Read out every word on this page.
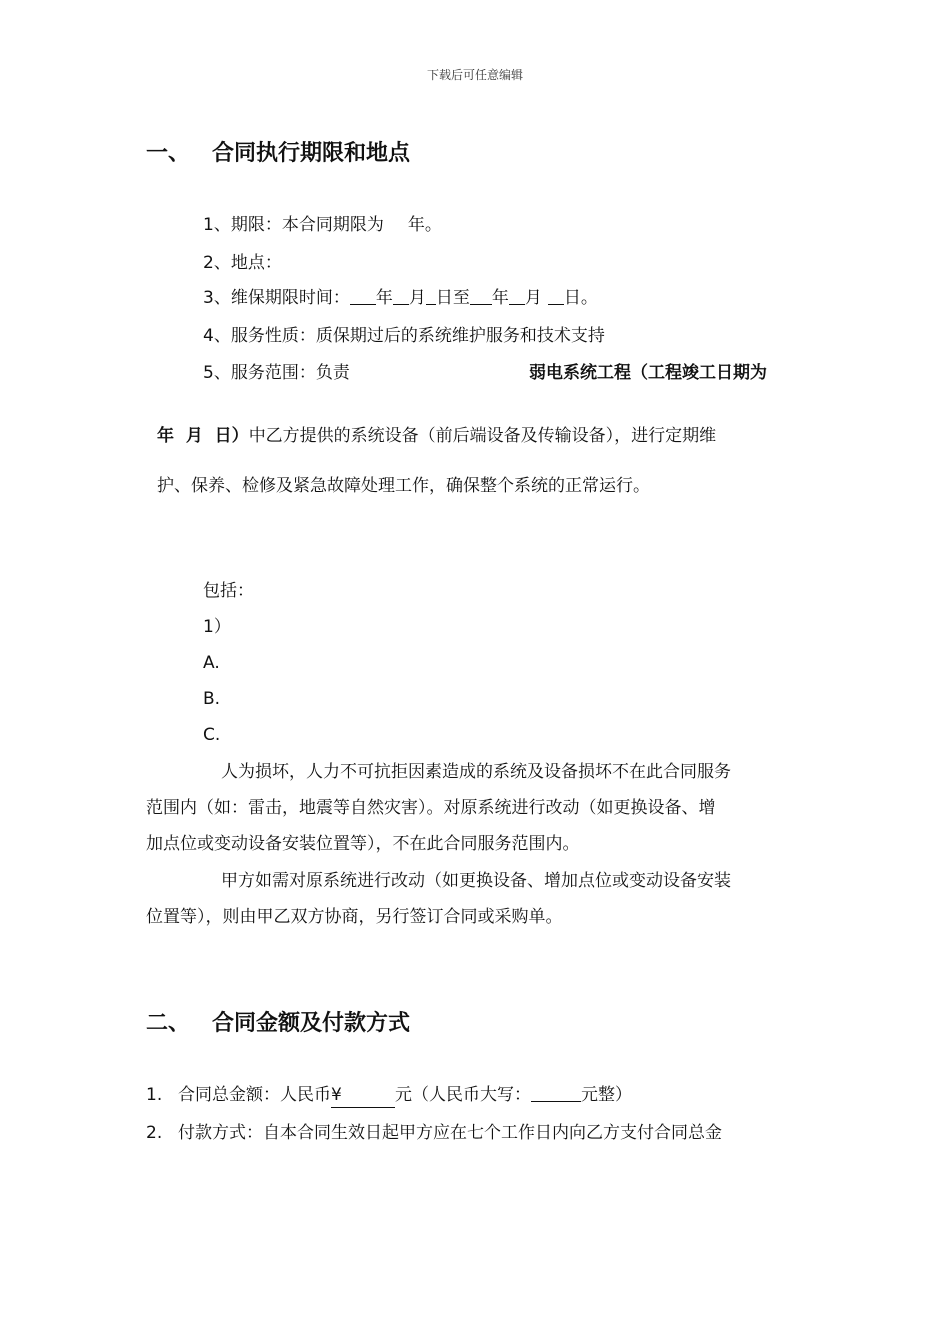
下载后可任意编辑
一、 合同执行期限和地点
1、期限：本合同期限为 年。
2、地点：
3、维保期限时间： 年 月 日至 年 月 日。
4、服务性质：质保期过后的系统维护服务和技术支持
5、服务范围：负责	弱电系统工程（工程竣工日期为
年  月  日）中乙方提供的系统设备（前后端设备及传输设备），进行定期维
护、保养、检修及紧急故障处理工作，确保整个系统的正常运行。
包括：
1）
A.
B.
C.
人为损坏，人力不可抗拒因素造成的系统及设备损坏不在此合同服务
范围内（如：雷击，地震等自然灾害）。对原系统进行改动（如更换设备、增
加点位或变动设备安装位置等），不在此合同服务范围内。
甲方如需对原系统进行改动（如更换设备、增加点位或变动设备安装
位置等），则由甲乙双方协商，另行签订合同或采购单。
二、 合同金额及付款方式
1. 合同总金额：人民币¥	元（人民币大写：	元整）
2. 付款方式：自本合同生效日起甲方应在七个工作日内向乙方支付合同总金
